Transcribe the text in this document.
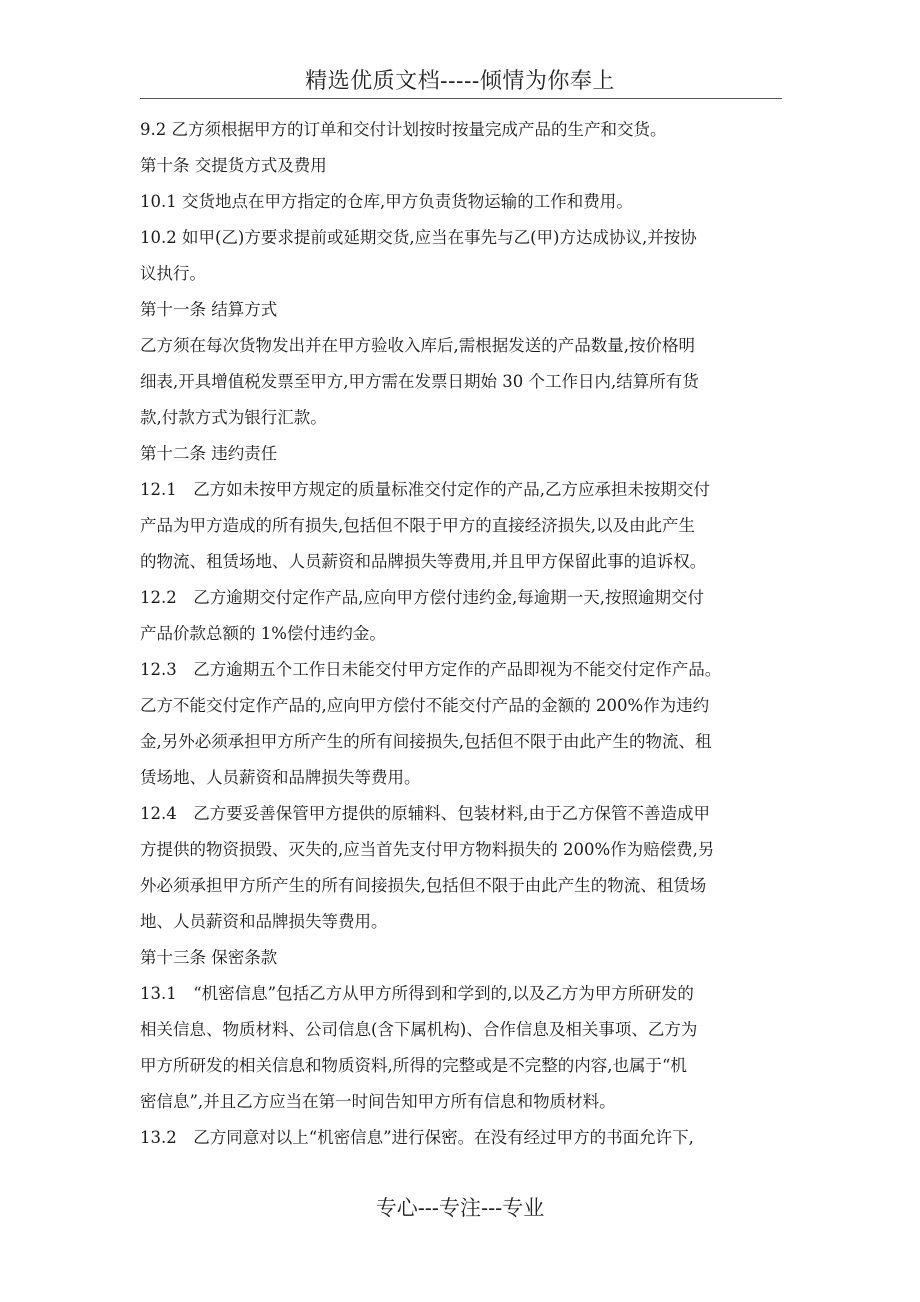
精选优质文档-----倾情为你奉上
9.2 乙方须根据甲方的订单和交付计划按时按量完成产品的生产和交货。
第十条 交提货方式及费用
10.1 交货地点在甲方指定的仓库,甲方负责货物运输的工作和费用。
10.2 如甲(乙)方要求提前或延期交货,应当在事先与乙(甲)方达成协议,并按协
议执行。
第十一条 结算方式
乙方须在每次货物发出并在甲方验收入库后,需根据发送的产品数量,按价格明
细表,开具增值税发票至甲方,甲方需在发票日期始 30 个工作日内,结算所有货
款,付款方式为银行汇款。
第十二条 违约责任
12.1　乙方如未按甲方规定的质量标准交付定作的产品,乙方应承担未按期交付
产品为甲方造成的所有损失,包括但不限于甲方的直接经济损失,以及由此产生
的物流、租赁场地、人员薪资和品牌损失等费用,并且甲方保留此事的追诉权。
12.2　乙方逾期交付定作产品,应向甲方偿付违约金,每逾期一天,按照逾期交付
产品价款总额的 1%偿付违约金。
12.3　乙方逾期五个工作日未能交付甲方定作的产品即视为不能交付定作产品。
乙方不能交付定作产品的,应向甲方偿付不能交付产品的金额的 200%作为违约
金,另外必须承担甲方所产生的所有间接损失,包括但不限于由此产生的物流、租
赁场地、人员薪资和品牌损失等费用。
12.4　乙方要妥善保管甲方提供的原辅料、包装材料,由于乙方保管不善造成甲
方提供的物资损毁、灭失的,应当首先支付甲方物料损失的 200%作为赔偿费,另
外必须承担甲方所产生的所有间接损失,包括但不限于由此产生的物流、租赁场
地、人员薪资和品牌损失等费用。
第十三条 保密条款
13.1　“机密信息”包括乙方从甲方所得到和学到的,以及乙方为甲方所研发的
相关信息、物质材料、公司信息(含下属机构)、合作信息及相关事项、乙方为
甲方所研发的相关信息和物质资料,所得的完整或是不完整的内容,也属于“机
密信息”,并且乙方应当在第一时间告知甲方所有信息和物质材料。
13.2　乙方同意对以上“机密信息”进行保密。在没有经过甲方的书面允许下,
专心---专注---专业
